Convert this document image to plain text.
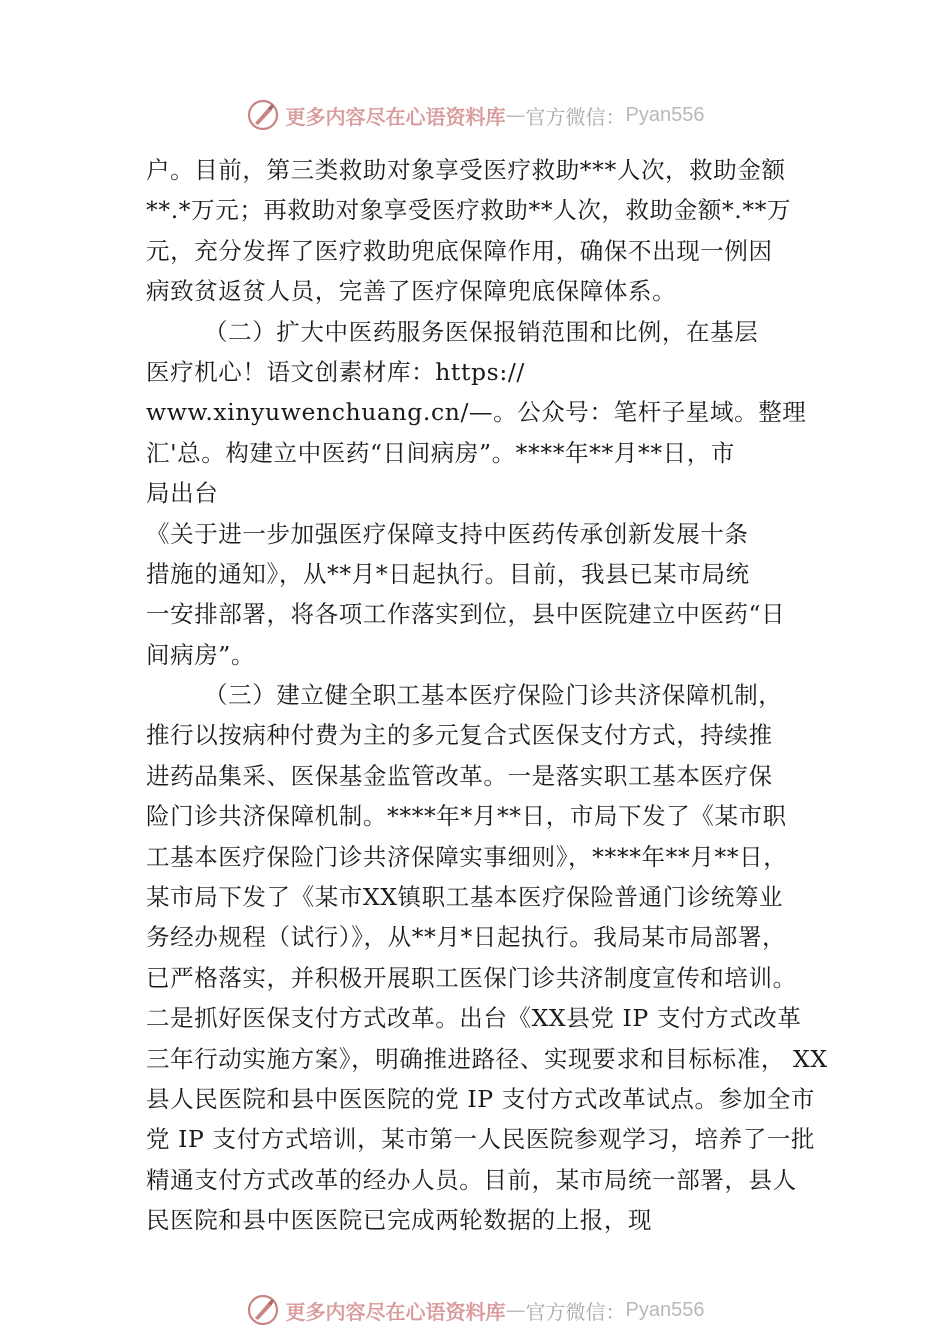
更多内容尽在心语资料库 — 官方微信： Pyan556
户。目前，第三类救助对象享受医疗救助***人次，救助金额
**.*万元；再救助对象享受医疗救助**人次，救助金额*.**万
元，充分发挥了医疗救助兜底保障作用，确保不出现一例因
病致贫返贫人员，完善了医疗保障兜底保障体系。
（二）扩大中医药服务医保报销范围和比例，在基层
医疗机心！语文创素材库：https://
www.xinyuwenchuang.cn/—。公众号：笔杆子星域。整理
汇'总。构建立中医药“日间病房”。****年**月**日，市
局出台
《关于进一步加强医疗保障支持中医药传承创新发展十条
措施的通知》，从**月*日起执行。目前，我县已某市局统
一安排部署，将各项工作落实到位，县中医院建立中医药“日
间病房”。
（三）建立健全职工基本医疗保险门诊共济保障机制，
推行以按病种付费为主的多元复合式医保支付方式，持续推
进药品集采、医保基金监管改革。一是落实职工基本医疗保
险门诊共济保障机制。****年*月**日，市局下发了《某市职
工基本医疗保险门诊共济保障实事细则》，****年**月**日，
某市局下发了《某市XX镇职工基本医疗保险普通门诊统筹业
务经办规程（试行）》，从**月*日起执行。我局某市局部署，
已严格落实，并积极开展职工医保门诊共济制度宣传和培训。
二是抓好医保支付方式改革。出台《XX县党 IP 支付方式改革
三年行动实施方案》，明确推进路径、实现要求和目标标准， XX
县人民医院和县中医医院的党 IP 支付方式改革试点。参加全市
党 IP 支付方式培训，某市第一人民医院参观学习，培养了一批
精通支付方式改革的经办人员。目前，某市局统一部署，县人
民医院和县中医医院已完成两轮数据的上报，现
更多内容尽在心语资料库 — 官方微信： Pyan556
